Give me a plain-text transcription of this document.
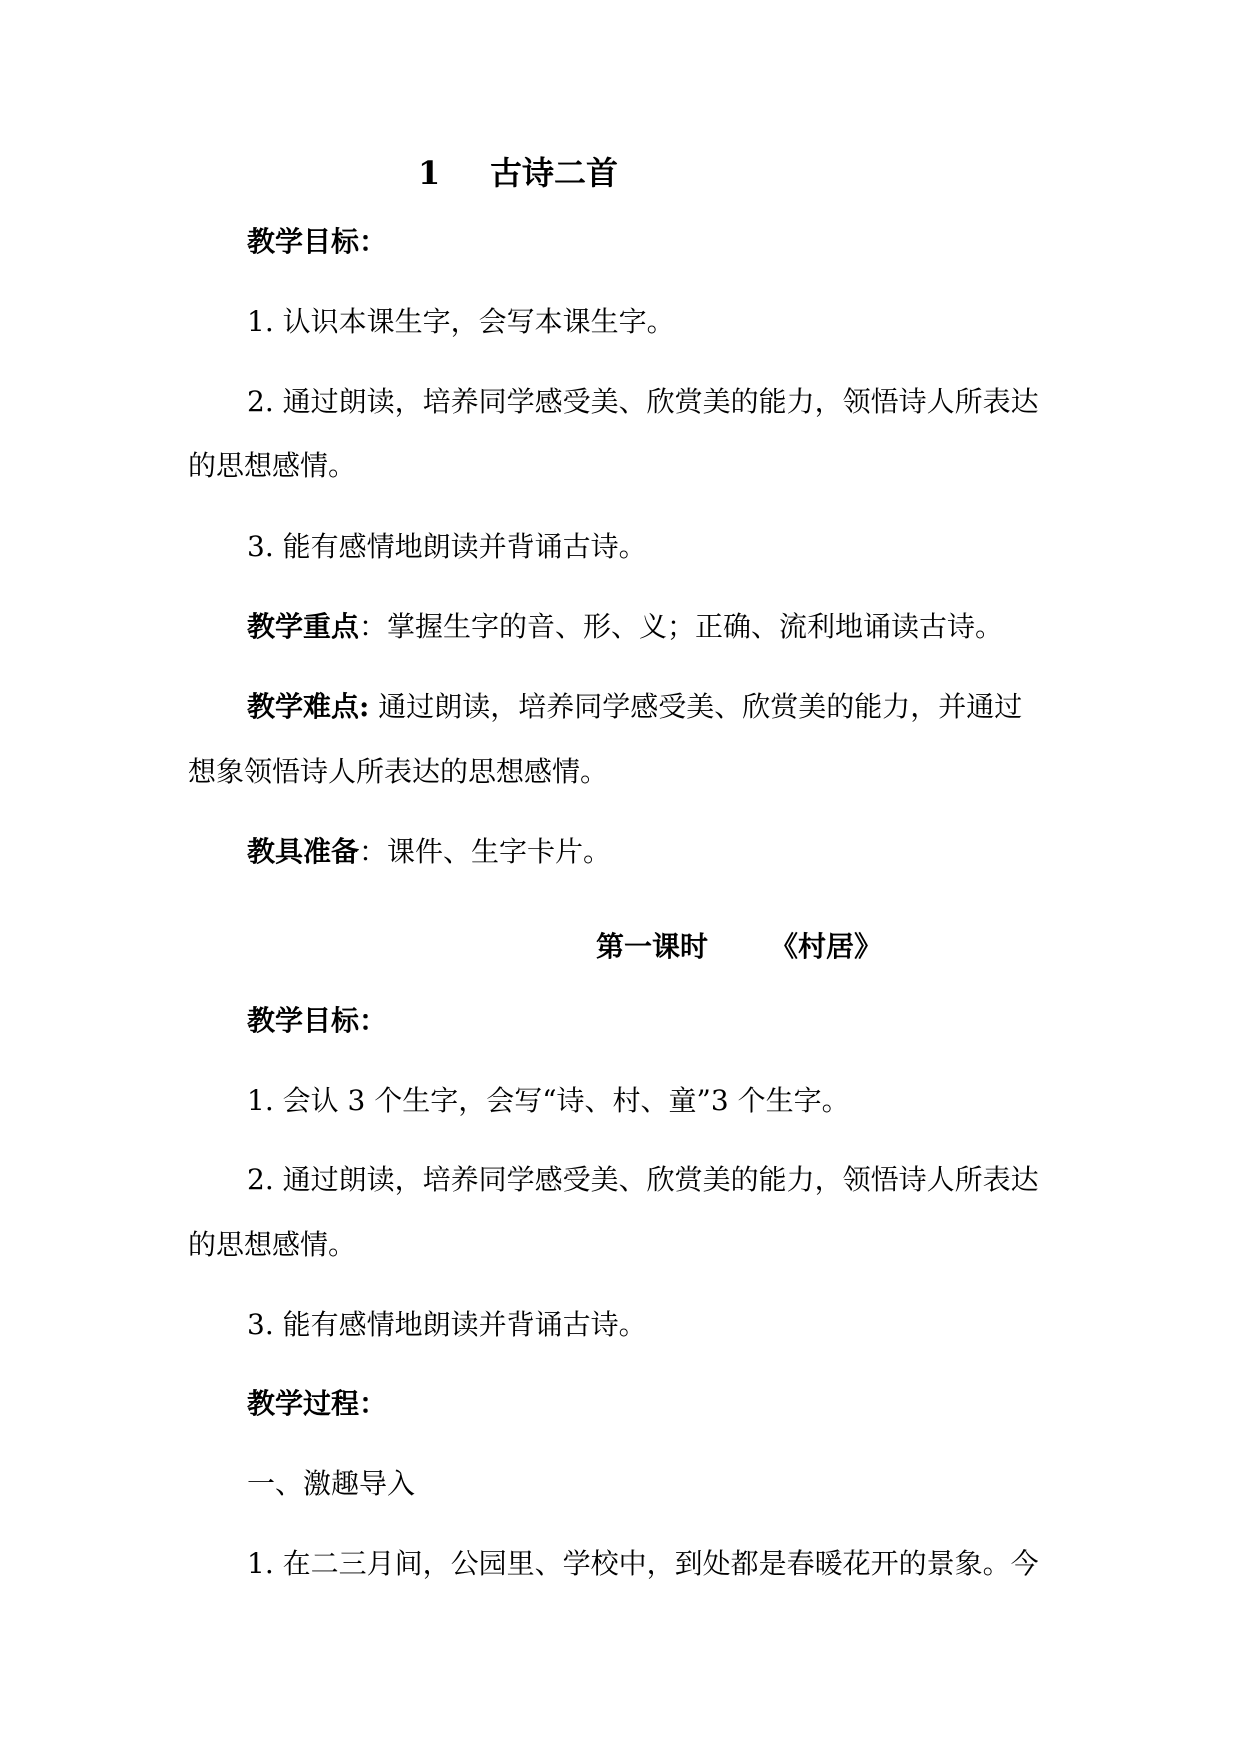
1 古诗二首
教学目标：
1. 认识本课生字，会写本课生字。
2. 通过朗读，培养同学感受美、欣赏美的能力，领悟诗人所表达
的思想感情。
3. 能有感情地朗读并背诵古诗。
教学重点：掌握生字的音、形、义；正确、流利地诵读古诗。
教学难点: 通过朗读，培养同学感受美、欣赏美的能力，并通过
想象领悟诗人所表达的思想感情。
教具准备：课件、生字卡片。
第一课时 《村居》
教学目标：
1. 会认 3 个生字，会写“诗、村、童”3 个生字。
2. 通过朗读，培养同学感受美、欣赏美的能力，领悟诗人所表达
的思想感情。
3. 能有感情地朗读并背诵古诗。
教学过程：
一、激趣导入
1. 在二三月间，公园里、学校中，到处都是春暖花开的景象。今
